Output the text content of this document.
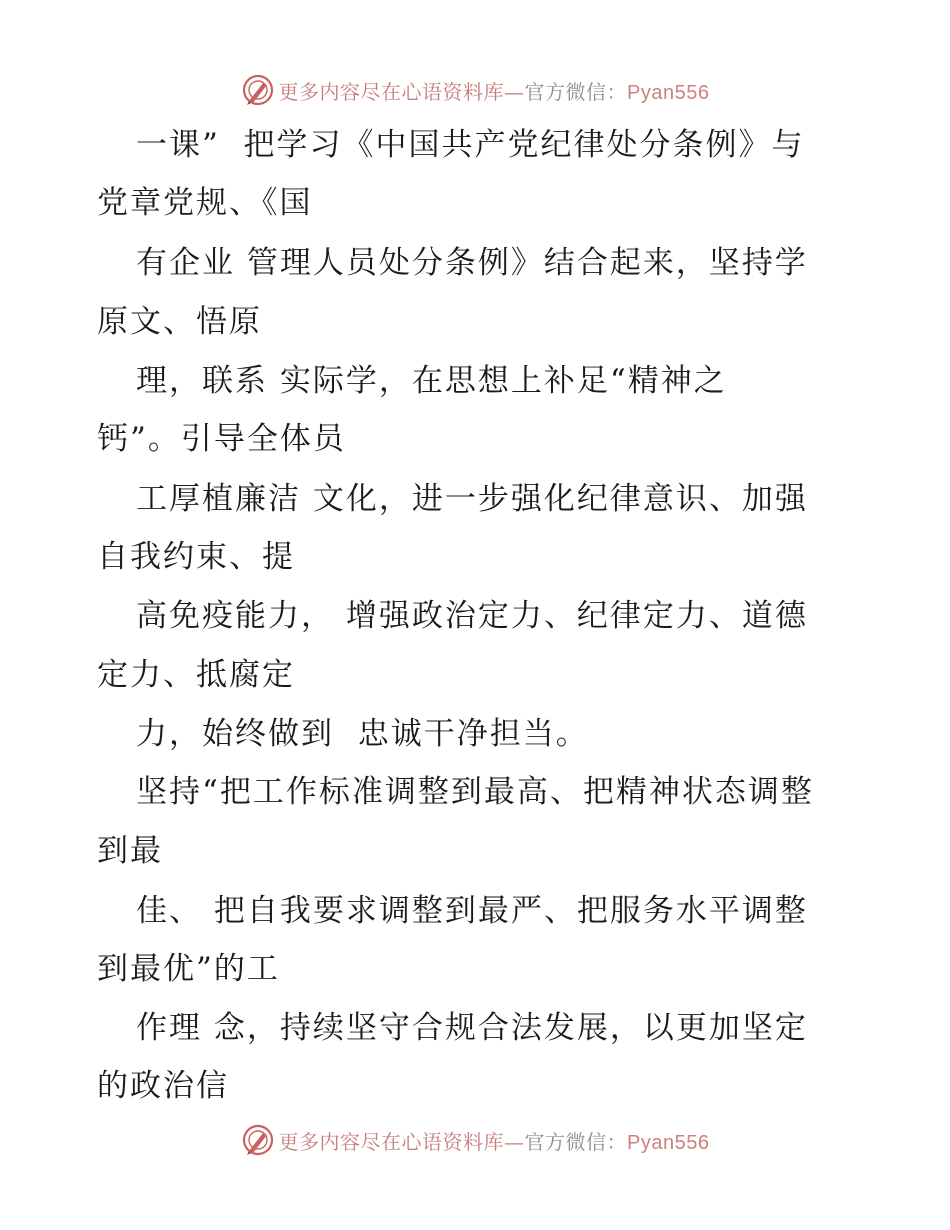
更多内容尽在心语资料库—官方微信：Pyan556
一课”  把学习《中国共产党纪律处分条例》与
党章党规、《国
有企业 管理人员处分条例》结合起来，坚持学
原文、悟原
理，联系 实际学，在思想上补足“精神之
钙”。引导全体员
工厚植廉洁 文化，进一步强化纪律意识、加强
自我约束、提
高免疫能力， 增强政治定力、纪律定力、道德
定力、抵腐定
力，始终做到  忠诚干净担当。
坚持“把工作标准调整到最高、把精神状态调整
到最
佳、 把自我要求调整到最严、把服务水平调整
到最优”的工
作理 念，持续坚守合规合法发展，以更加坚定
的政治信
更多内容尽在心语资料库—官方微信：Pyan556
